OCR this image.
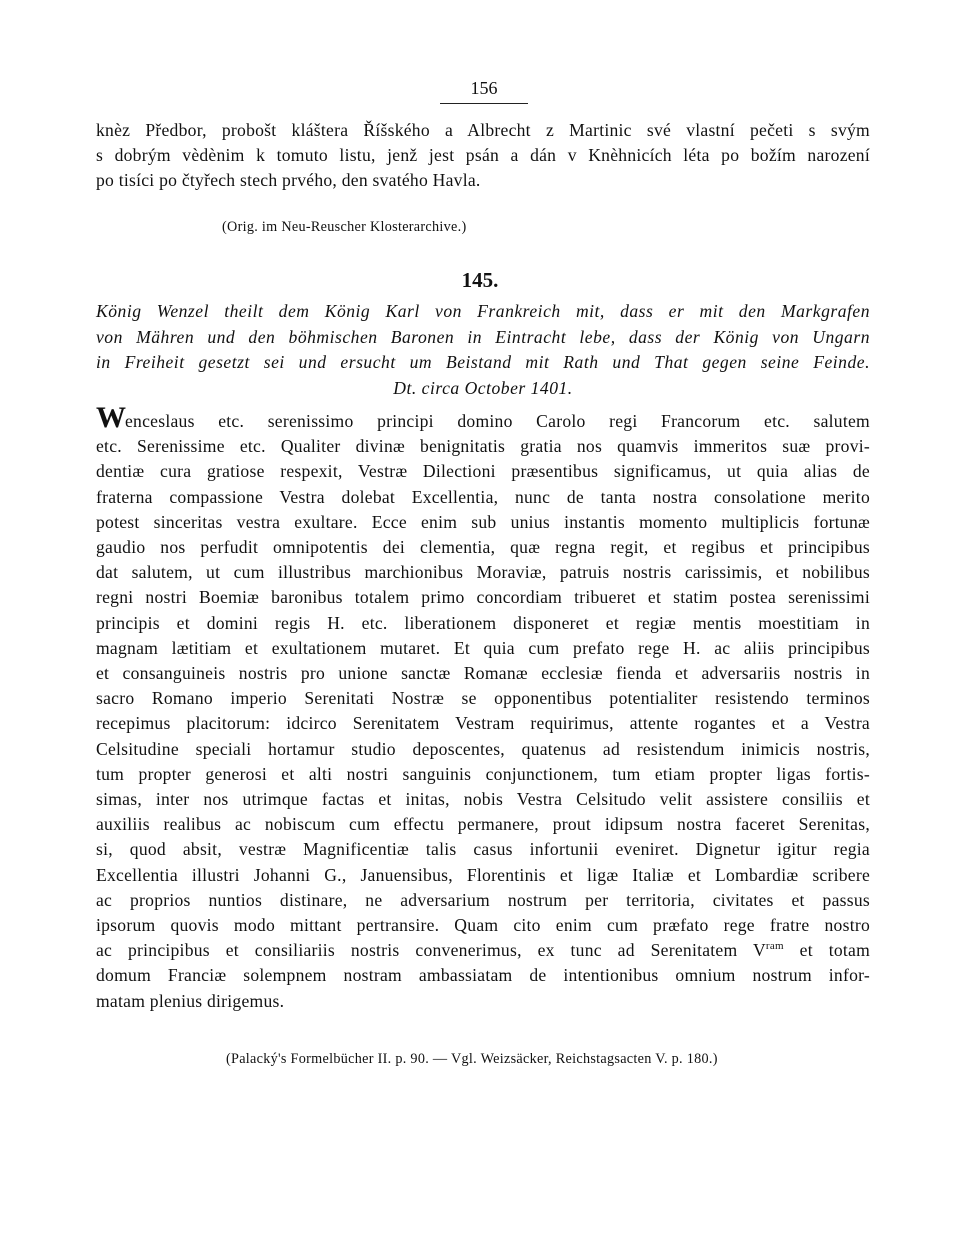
156
knèz Předbor, probošt kláštera Říšského a Albrecht z Martinic své vlastní pečeti s svým
s dobrým vèdènim k tomuto listu, jenž jest psán a dán v Knèhnicích léta po božím narození
po tisíci po čtyřech stech prvého, den svatého Havla.
(Orig. im Neu-Reuscher Klosterarchive.)
145.
König Wenzel theilt dem König Karl von Frankreich mit, dass er mit den Markgrafen
von Mähren und den böhmischen Baronen in Eintracht lebe, dass der König von Ungarn
in Freiheit gesetzt sei und ersucht um Beistand mit Rath und That gegen seine Feinde.
Dt. circa October 1401.
Wenceslaus etc. serenissimo principi domino Carolo regi Francorum etc. salutem
etc. Serenissime etc. Qualiter divinæ benignitatis gratia nos quamvis immeritos suæ provi-
dentiæ cura gratiose respexit, Vestræ Dilectioni præsentibus significamus, ut quia alias de
fraterna compassione Vestra dolebat Excellentia, nunc de tanta nostra consolatione merito
potest sinceritas vestra exultare. Ecce enim sub unius instantis momento multiplicis fortunæ
gaudio nos perfudit omnipotentis dei clementia, quæ regna regit, et regibus et principibus
dat salutem, ut cum illustribus marchionibus Moraviæ, patruis nostris carissimis, et nobilibus
regni nostri Boemiæ baronibus totalem primo concordiam tribueret et statim postea serenissimi
principis et domini regis H. etc. liberationem disponeret et regiæ mentis moestitiam in
magnam lætitiam et exultationem mutaret. Et quia cum prefato rege H. ac aliis principibus
et consanguineis nostris pro unione sanctæ Romanæ ecclesiæ fienda et adversariis nostris in
sacro Romano imperio Serenitati Nostræ se opponentibus potentialiter resistendo terminos
recepimus placitorum: idcirco Serenitatem Vestram requirimus, attente rogantes et a Vestra
Celsitudine speciali hortamur studio deposcentes, quatenus ad resistendum inimicis nostris,
tum propter generosi et alti nostri sanguinis conjunctionem, tum etiam propter ligas fortis-
simas, inter nos utrimque factas et initas, nobis Vestra Celsitudo velit assistere consiliis et
auxiliis realibus ac nobiscum cum effectu permanere, prout idipsum nostra faceret Serenitas,
si, quod absit, vestræ Magnificentiæ talis casus infortunii eveniret. Dignetur igitur regia
Excellentia illustri Johanni G., Januensibus, Florentinis et ligæ Italiæ et Lombardiæ scribere
ac proprios nuntios distinare, ne adversarium nostrum per territoria, civitates et passus
ipsorum quovis modo mittant pertransire. Quam cito enim cum præfato rege fratre nostro
ac principibus et consiliariis nostris convenerimus, ex tunc ad Serenitatem $V^{ram}$ et totam
domum Franciæ solempnem nostram ambassiatam de intentionibus omnium nostrum infor-
matam plenius dirigemus.
(Palacký's Formelbücher II. p. 90. — Vgl. Weizsäcker, Reichstagsacten V. p. 180.)
